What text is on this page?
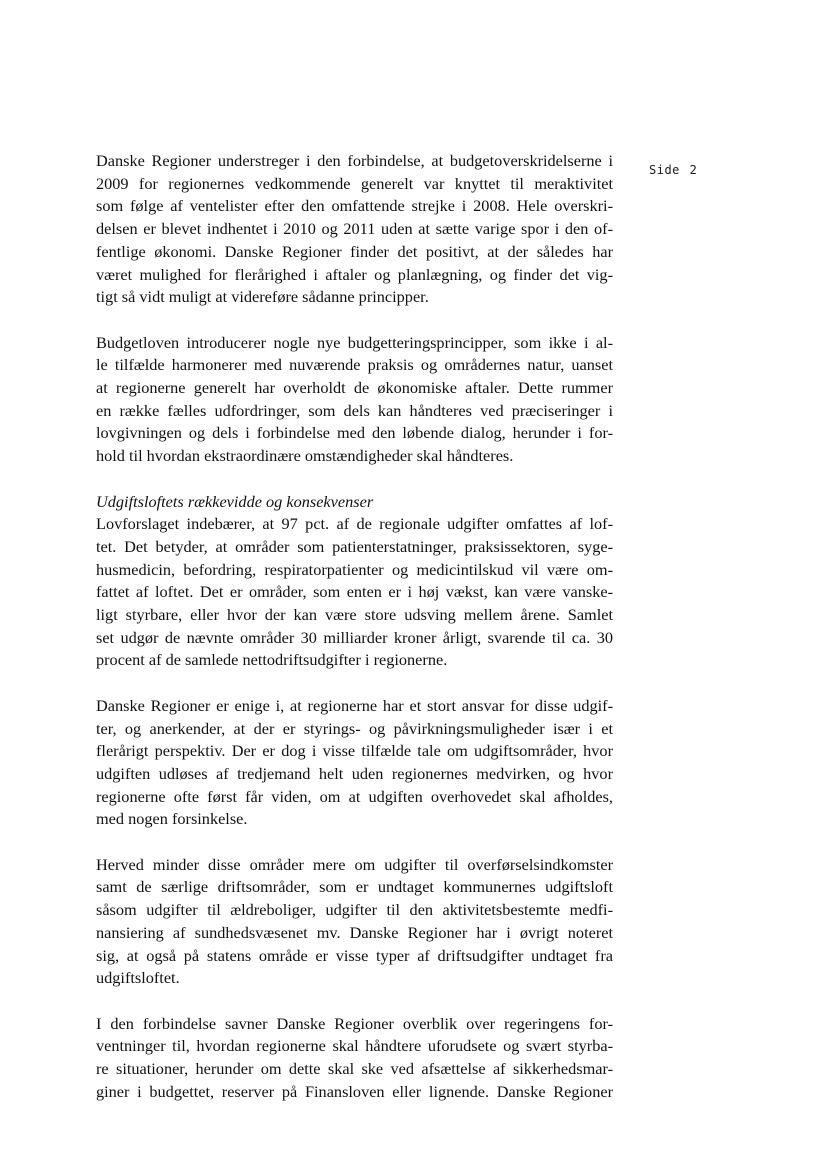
Side 2

Danske Regioner understreger i den forbindelse, at budgetoverskridelserne i
2009 for regionernes vedkommende generelt var knyttet til meraktivitet
som følge af ventelister efter den omfattende strejke i 2008. Hele overskri-
delsen er blevet indhentet i 2010 og 2011 uden at sætte varige spor i den of-
fentlige økonomi. Danske Regioner finder det positivt, at der således har
været mulighed for flerårighed i aftaler og planlægning, og finder det vig-
tigt så vidt muligt at videreføre sådanne principper.

Budgetloven introducerer nogle nye budgetteringsprincipper, som ikke i al-
le tilfælde harmonerer med nuværende praksis og områdernes natur, uanset
at regionerne generelt har overholdt de økonomiske aftaler. Dette rummer
en række fælles udfordringer, som dels kan håndteres ved præciseringer i
lovgivningen og dels i forbindelse med den løbende dialog, herunder i for-
hold til hvordan ekstraordinære omstændigheder skal håndteres.

Udgiftsloftets rækkevidde og konsekvenser

Lovforslaget indebærer, at 97 pct. af de regionale udgifter omfattes af lof-
tet. Det betyder, at områder som patienterstatninger, praksissektoren, syge-
husmedicin, befordring, respiratorpatienter og medicintilskud vil være om-
fattet af loftet. Det er områder, som enten er i høj vækst, kan være vanske-
ligt styrbare, eller hvor der kan være store udsving mellem årene. Samlet
set udgør de nævnte områder 30 milliarder kroner årligt, svarende til ca. 30
procent af de samlede nettodriftsudgifter i regionerne.

Danske Regioner er enige i, at regionerne har et stort ansvar for disse udgif-
ter, og anerkender, at der er styrings- og påvirkningsmuligheder især i et
flerårigt perspektiv. Der er dog i visse tilfælde tale om udgiftsområder, hvor
udgiften udløses af tredjemand helt uden regionernes medvirken, og hvor
regionerne ofte først får viden, om at udgiften overhovedet skal afholdes,
med nogen forsinkelse.

Herved minder disse områder mere om udgifter til overførselsindkomster
samt de særlige driftsområder, som er undtaget kommunernes udgiftsloft
såsom udgifter til ældreboliger, udgifter til den aktivitetsbestemte medfi-
nansiering af sundhedsvæsenet mv. Danske Regioner har i øvrigt noteret
sig, at også på statens område er visse typer af driftsudgifter undtaget fra
udgiftsloftet.

I den forbindelse savner Danske Regioner overblik over regeringens for-
ventninger til, hvordan regionerne skal håndtere uforudsete og svært styrba-
re situationer, herunder om dette skal ske ved afsættelse af sikkerhedsmar-
giner i budgettet, reserver på Finansloven eller lignende. Danske Regioner
